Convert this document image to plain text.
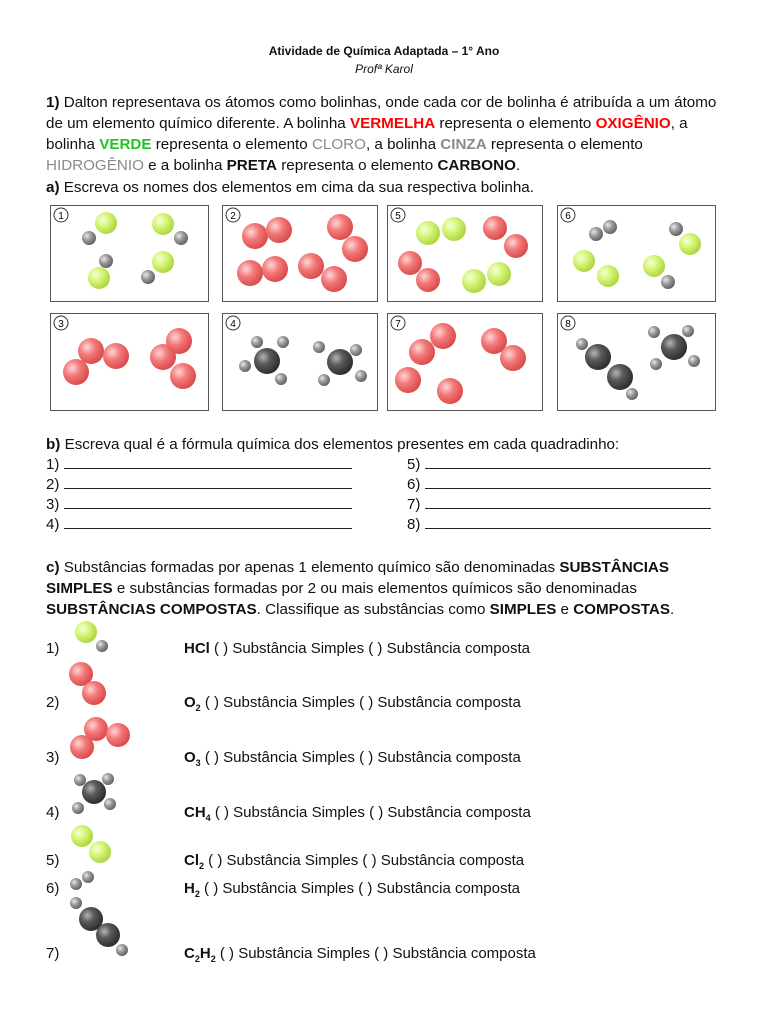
Atividade de Química Adaptada – 1° Ano
Profª Karol
1) Dalton representava os átomos como bolinhas, onde cada cor de bolinha é atribuída a um átomo de um elemento químico diferente. A bolinha VERMELHA representa o elemento OXIGÊNIO, a bolinha VERDE representa o elemento CLORO, a bolinha CINZA representa o elemento HIDROGÊNIO e a bolinha PRETA representa o elemento CARBONO.
a) Escreva os nomes dos elementos em cima da sua respectiva bolinha.
1	2	5	6
3	4	7	8
b) Escreva qual é a fórmula química dos elementos presentes em cada quadradinho:
1)
2)
3)
4)
5)
6)
7)
8)
c) Substâncias formadas por apenas 1 elemento químico são denominadas SUBSTÂNCIAS SIMPLES e substâncias formadas por 2 ou mais elementos químicos são denominadas SUBSTÂNCIAS COMPOSTAS. Classifique as substâncias como SIMPLES e COMPOSTAS.
1)	HCl ( ) Substância Simples ( ) Substância composta
2)	$O_2$ ( ) Substância Simples ( ) Substância composta
3)	$O_3$ ( ) Substância Simples ( ) Substância composta
4)	$CH_4$ ( ) Substância Simples ( ) Substância composta
5)	$Cl_2$ ( ) Substância Simples ( ) Substância composta
6)	$H_2$ ( ) Substância Simples ( ) Substância composta
7)	$C_2H_2$ ( ) Substância Simples ( ) Substância composta
